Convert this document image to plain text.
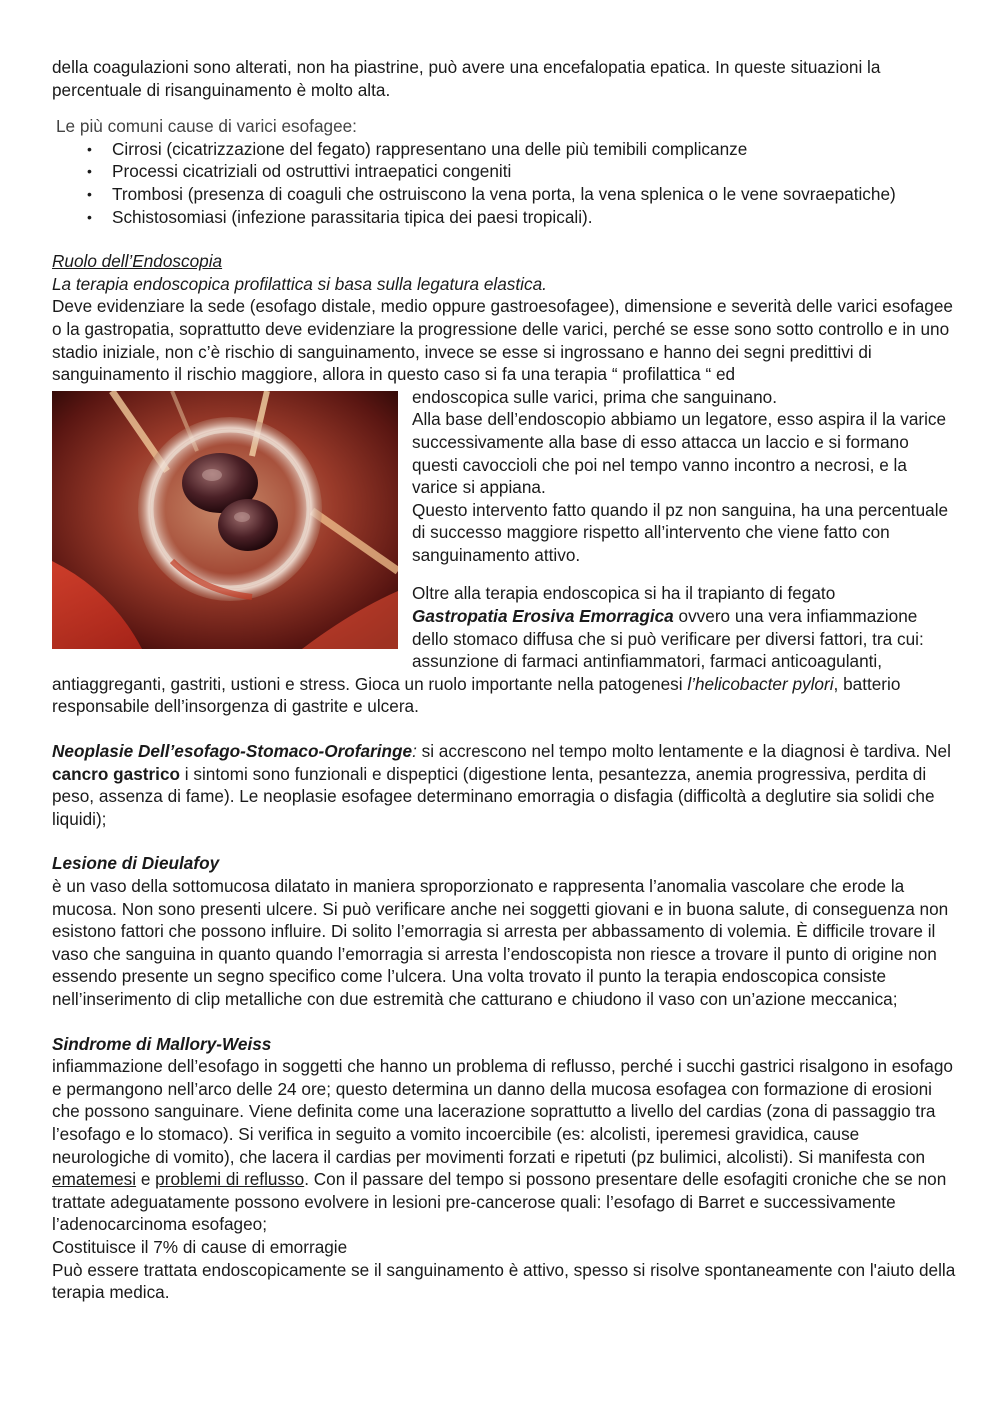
della coagulazioni sono alterati, non ha piastrine, può avere una encefalopatia epatica. In queste situazioni la percentuale di risanguinamento è molto alta.

Le più comuni cause di varici esofagee:

• Cirrosi (cicatrizzazione del fegato) rappresentano una delle più temibili complicanze
• Processi cicatriziali od ostruttivi intraepatici congeniti
• Trombosi (presenza di coaguli che ostruiscono la vena porta, la vena splenica o le vene sovraepatiche)
• Schistosomiasi (infezione parassitaria tipica dei paesi tropicali).

Ruolo dell’Endoscopia

La terapia endoscopica profilattica si basa sulla legatura elastica.

Deve evidenziare la sede (esofago distale, medio oppure gastroesofagee), dimensione e severità delle varici esofagee o la gastropatia, soprattutto deve evidenziare la progressione delle varici, perché se esse sono sotto controllo e in uno stadio iniziale, non c’è rischio di sanguinamento, invece se esse si ingrossano e hanno dei segni predittivi di sanguinamento il rischio maggiore, allora in questo caso si fa una terapia “ profilattica “ ed

endoscopica sulle varici, prima che sanguinano.

Alla base dell’endoscopio abbiamo un legatore, esso aspira il la varice successivamente alla base di esso attacca un laccio e si formano questi cavoccioli che poi nel tempo vanno incontro a necrosi, e la varice si appiana.

Questo intervento fatto quando il pz non sanguina, ha una percentuale di successo maggiore rispetto all’intervento che viene fatto con sanguinamento attivo.

Oltre alla terapia endoscopica si ha il trapianto di fegato

Gastropatia Erosiva Emorragica ovvero una vera infiammazione dello stomaco diffusa che si può verificare per diversi fattori, tra cui: assunzione di farmaci antinfiammatori, farmaci anticoagulanti, antiaggreganti, gastriti, ustioni e stress. Gioca un ruolo importante nella patogenesi l’helicobacter pylori, batterio responsabile dell’insorgenza di gastrite e ulcera.

Neoplasie Dell’esofago-Stomaco-Orofaringe: si accrescono nel tempo molto lentamente e la diagnosi è tardiva. Nel cancro gastrico i sintomi sono funzionali e dispeptici (digestione lenta, pesantezza, anemia progressiva, perdita di peso, assenza di fame). Le neoplasie esofagee determinano emorragia o disfagia (difficoltà a deglutire sia solidi che liquidi);

Lesione di Dieulafoy

è un vaso della sottomucosa dilatato in maniera sproporzionato e rappresenta l’anomalia vascolare che erode la mucosa. Non sono presenti ulcere. Si può verificare anche nei soggetti giovani e in buona salute, di conseguenza non esistono fattori che possono influire. Di solito l’emorragia si arresta per abbassamento di volemia. È difficile trovare il vaso che sanguina in quanto quando l’emorragia si arresta l’endoscopista non riesce a trovare il punto di origine non essendo presente un segno specifico come l’ulcera. Una volta trovato il punto la terapia endoscopica consiste nell’inserimento di clip metalliche con due estremità che catturano e chiudono il vaso con un’azione meccanica;

Sindrome di Mallory-Weiss

infiammazione dell’esofago in soggetti che hanno un problema di reflusso, perché i succhi gastrici risalgono in esofago e permangono nell’arco delle 24 ore; questo determina un danno della mucosa esofagea con formazione di erosioni che possono sanguinare. Viene definita come una lacerazione soprattutto a livello del cardias (zona di passaggio tra l’esofago e lo stomaco). Si verifica in seguito a vomito incoercibile (es: alcolisti, iperemesi gravidica, cause neurologiche di vomito), che lacera il cardias per movimenti forzati e ripetuti (pz bulimici, alcolisti). Si manifesta con ematemesi e problemi di reflusso. Con il passare del tempo si possono presentare delle esofagiti croniche che se non trattate adeguatamente possono evolvere in lesioni pre-cancerose quali: l’esofago di Barret e successivamente l’adenocarcinoma esofageo;

Costituisce il 7% di cause di emorragie

Può essere trattata endoscopicamente se il sanguinamento è attivo, spesso si risolve spontaneamente con l'aiuto della terapia medica.
